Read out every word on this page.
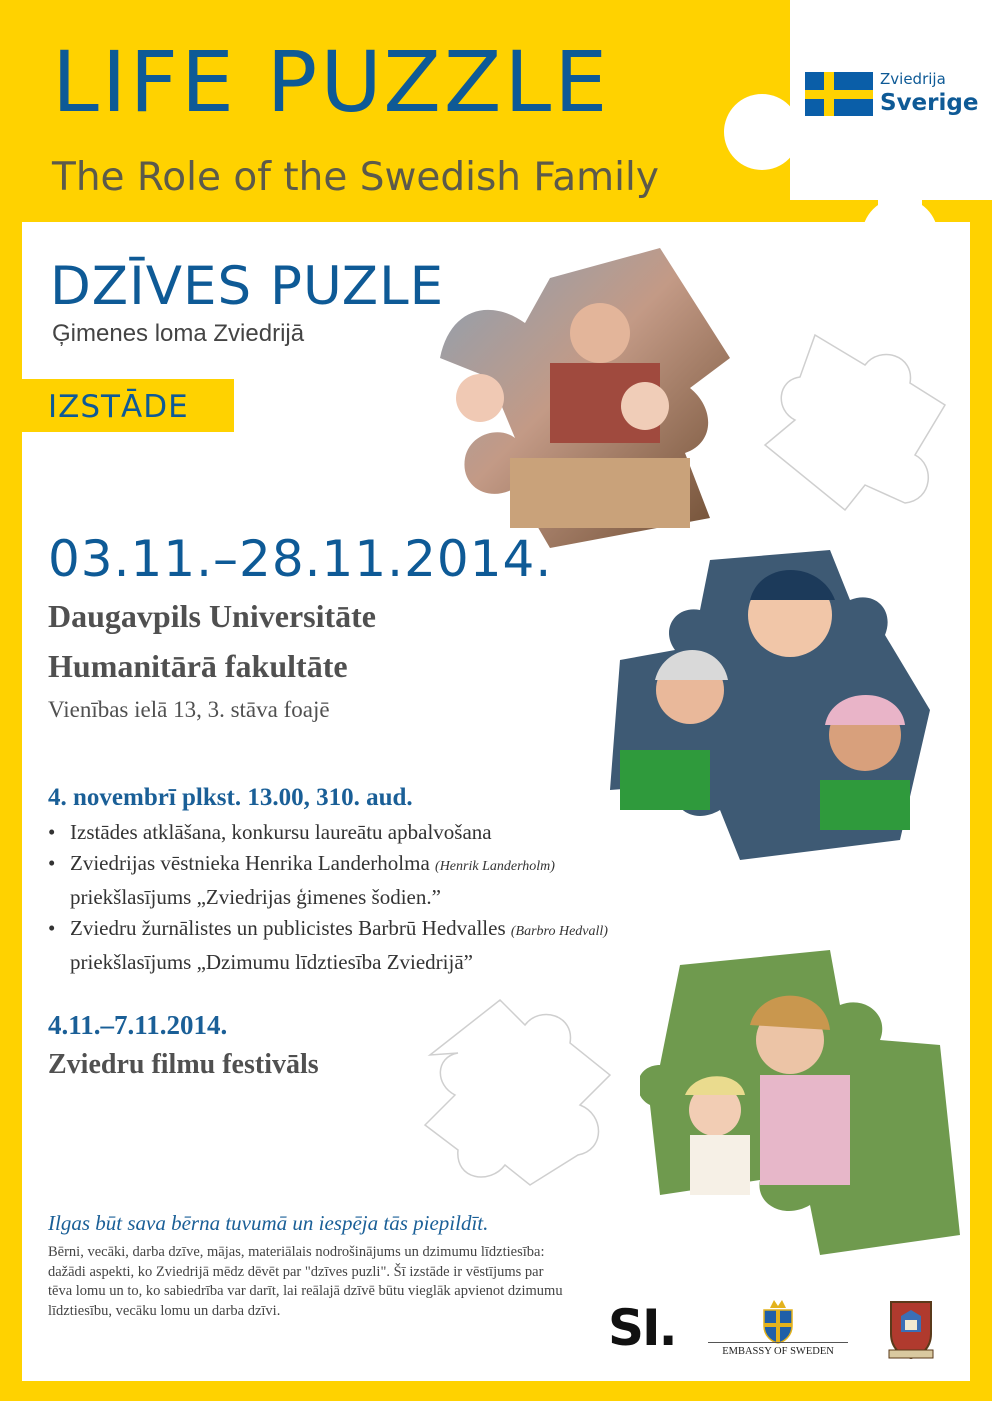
LIFE PUZZLE
The Role of the Swedish Family
Zviedrija
Sverige
DZĪVES PUZLE
Ģimenes loma Zviedrijā
IZSTĀDE
03.11.–28.11.2014.
Daugavpils Universitāte
Humanitārā fakultāte
Vienības ielā 13, 3. stāva foajē
4. novembrī plkst. 13.00, 310. aud.
• Izstādes atklāšana, konkursu laureātu apbalvošana
• Zviedrijas vēstnieka Henrika Landerholma (Henrik Landerholm)
priekšlasījums „Zviedrijas ģimenes šodien.”
• Zviedru žurnālistes un publicistes Barbrū Hedvalles (Barbro Hedvall)
priekšlasījums „Dzimumu līdztiesība Zviedrijā”
4.11.–7.11.2014.
Zviedru filmu festivāls
Ilgas būt sava bērna tuvumā un iespēja tās piepildīt.
Bērni, vecāki, darba dzīve, mājas, materiālais nodrošinājums un dzimumu līdztiesība: dažādi aspekti, ko Zviedrijā mēdz dēvēt par "dzīves puzli". Šī izstāde ir vēstījums par tēva lomu un to, ko sabiedrība var darīt, lai reālajā dzīvē būtu vieglāk apvienot dzimumu līdztiesību, vecāku lomu un darba dzīvi.	SI.	EMBASSY OF SWEDEN
